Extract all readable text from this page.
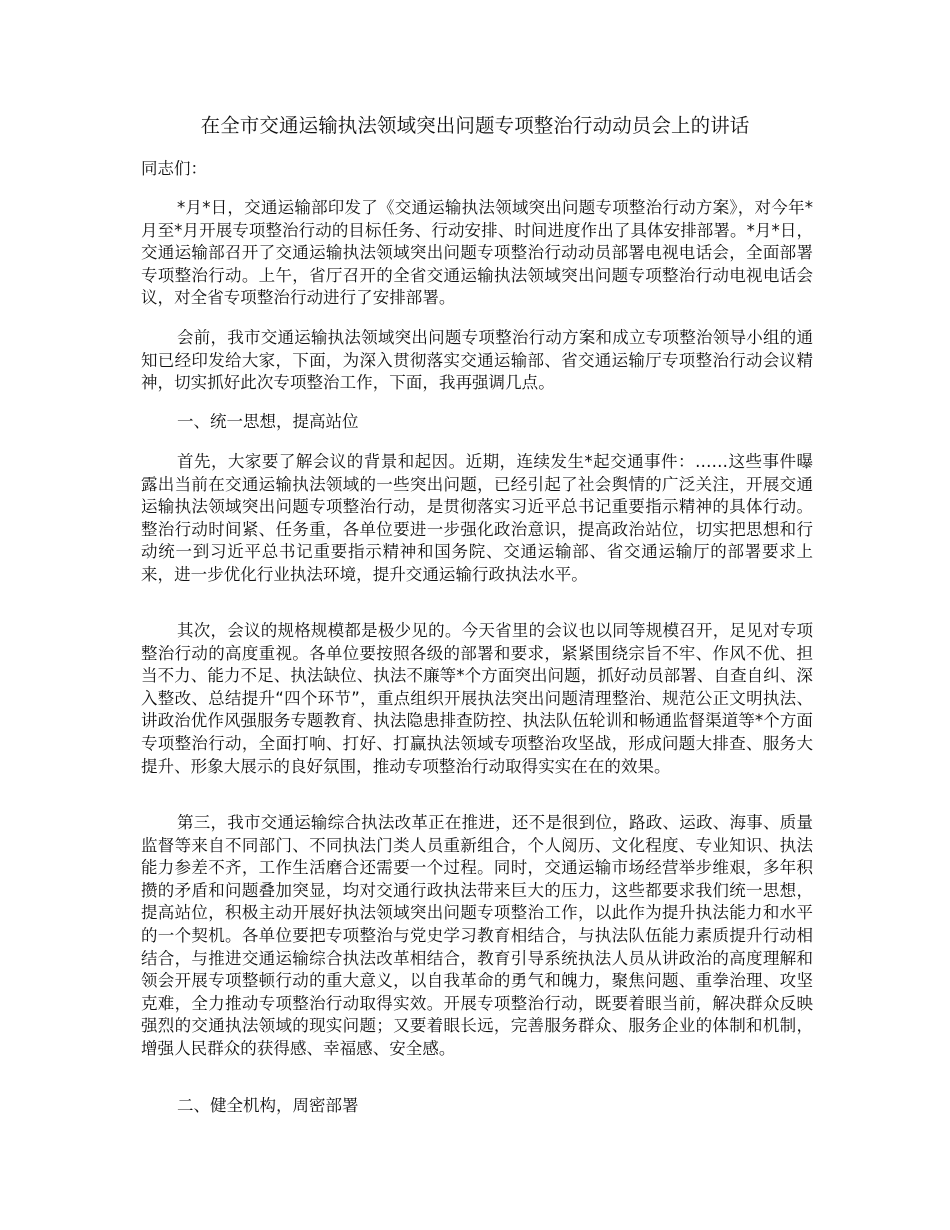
在全市交通运输执法领域突出问题专项整治行动动员会上的讲话

同志们：

*月*日，交通运输部印发了《交通运输执法领域突出问题专项整治行动方案》，对今年*月至*月开展专项整治行动的目标任务、行动安排、时间进度作出了具体安排部署。*月*日，交通运输部召开了交通运输执法领域突出问题专项整治行动动员部署电视电话会，全面部署专项整治行动。上午，省厅召开的全省交通运输执法领域突出问题专项整治行动电视电话会议，对全省专项整治行动进行了安排部署。

会前，我市交通运输执法领域突出问题专项整治行动方案和成立专项整治领导小组的通知已经印发给大家，下面，为深入贯彻落实交通运输部、省交通运输厅专项整治行动会议精神，切实抓好此次专项整治工作，下面，我再强调几点。

一、统一思想，提高站位

首先，大家要了解会议的背景和起因。近期，连续发生*起交通事件：……这些事件曝露出当前在交通运输执法领域的一些突出问题，已经引起了社会舆情的广泛关注，开展交通运输执法领域突出问题专项整治行动，是贯彻落实习近平总书记重要指示精神的具体行动。整治行动时间紧、任务重，各单位要进一步强化政治意识，提高政治站位，切实把思想和行动统一到习近平总书记重要指示精神和国务院、交通运输部、省交通运输厅的部署要求上来，进一步优化行业执法环境，提升交通运输行政执法水平。

其次，会议的规格规模都是极少见的。今天省里的会议也以同等规模召开，足见对专项整治行动的高度重视。各单位要按照各级的部署和要求，紧紧围绕宗旨不牢、作风不优、担当不力、能力不足、执法缺位、执法不廉等*个方面突出问题，抓好动员部署、自查自纠、深入整改、总结提升“四个环节”，重点组织开展执法突出问题清理整治、规范公正文明执法、讲政治优作风强服务专题教育、执法隐患排查防控、执法队伍轮训和畅通监督渠道等*个方面专项整治行动，全面打响、打好、打赢执法领域专项整治攻坚战，形成问题大排查、服务大提升、形象大展示的良好氛围，推动专项整治行动取得实实在在的效果。

第三，我市交通运输综合执法改革正在推进，还不是很到位，路政、运政、海事、质量监督等来自不同部门、不同执法门类人员重新组合，个人阅历、文化程度、专业知识、执法能力参差不齐，工作生活磨合还需要一个过程。同时，交通运输市场经营举步维艰，多年积攒的矛盾和问题叠加突显，均对交通行政执法带来巨大的压力，这些都要求我们统一思想，提高站位，积极主动开展好执法领域突出问题专项整治工作，以此作为提升执法能力和水平的一个契机。各单位要把专项整治与党史学习教育相结合，与执法队伍能力素质提升行动相结合，与推进交通运输综合执法改革相结合，教育引导系统执法人员从讲政治的高度理解和领会开展专项整顿行动的重大意义，以自我革命的勇气和魄力，聚焦问题、重拳治理、攻坚克难，全力推动专项整治行动取得实效。开展专项整治行动，既要着眼当前，解决群众反映强烈的交通执法领域的现实问题；又要着眼长远，完善服务群众、服务企业的体制和机制，增强人民群众的获得感、幸福感、安全感。

二、健全机构，周密部署
